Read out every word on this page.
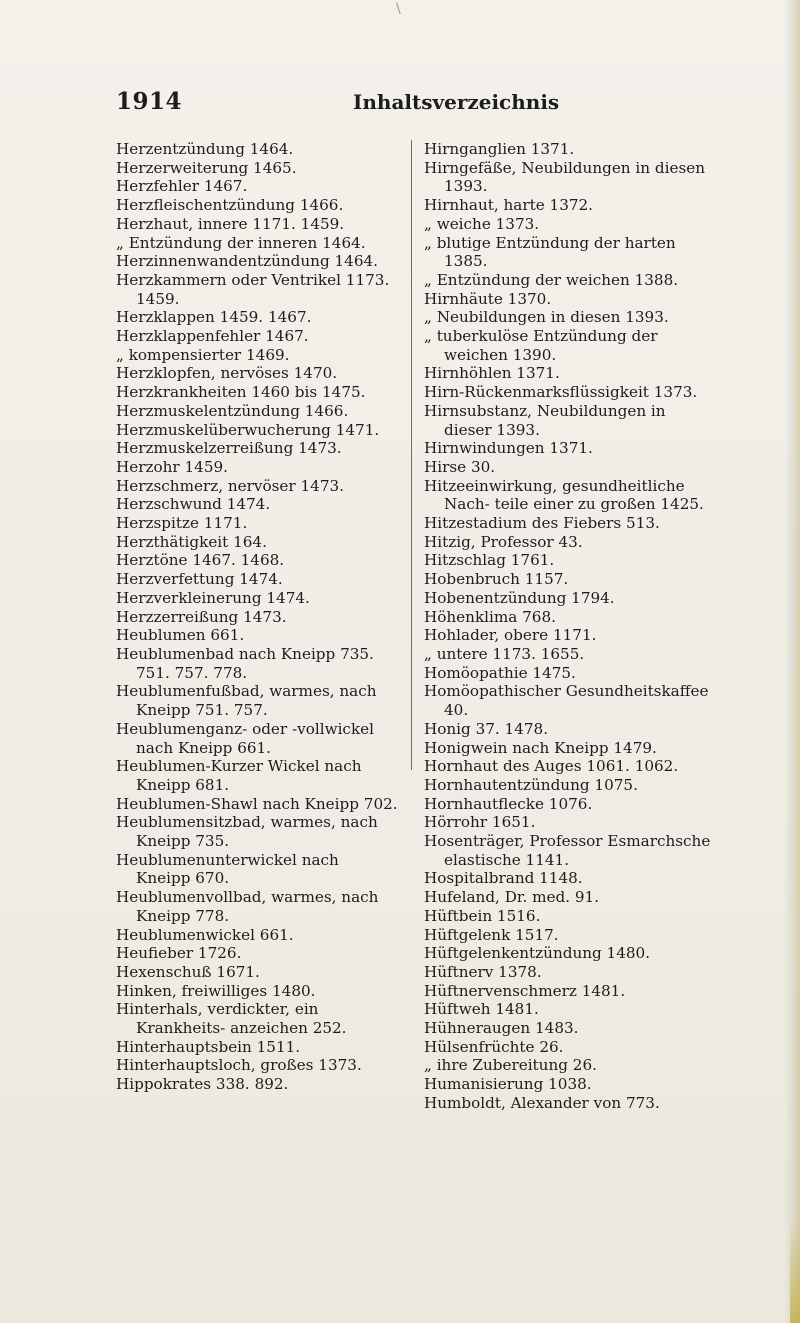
\
1914	Inhaltsverzeichnis
Herzentzündung 1464.
Herzerweiterung 1465.
Herzfehler 1467.
Herzfleischentzündung 1466.
Herzhaut, innere 1171. 1459.
„ Entzündung der inneren 1464.
Herzinnenwandentzündung 1464.
Herzkammern oder Ventrikel 1173. 1459.
Herzklappen 1459. 1467.
Herzklappenfehler 1467.
„ kompensierter 1469.
Herzklopfen, nervöses 1470.
Herzkrankheiten 1460 bis 1475.
Herzmuskelentzündung 1466.
Herzmuskelüberwucherung 1471.
Herzmuskelzerreißung 1473.
Herzohr 1459.
Herzschmerz, nervöser 1473.
Herzschwund 1474.
Herzspitze 1171.
Herzthätigkeit 164.
Herztöne 1467. 1468.
Herzverfettung 1474.
Herzverkleinerung 1474.
Herzzerreißung 1473.
Heublumen 661.
Heublumenbad nach Kneipp 735. 751. 757. 778.
Heublumenfußbad, warmes, nach Kneipp 751. 757.
Heublumenganz- oder -vollwickel nach Kneipp 661.
Heublumen-Kurzer Wickel nach Kneipp 681.
Heublumen-Shawl nach Kneipp 702.
Heublumensitzbad, warmes, nach Kneipp 735.
Heublumenunterwickel nach Kneipp 670.
Heublumenvollbad, warmes, nach Kneipp 778.
Heublumenwickel 661.
Heufieber 1726.
Hexenschuß 1671.
Hinken, freiwilliges 1480.
Hinterhals, verdickter, ein Krankheits- anzeichen 252.
Hinterhauptsbein 1511.
Hinterhauptsloch, großes 1373.
Hippokrates 338. 892.
Hirnganglien 1371.
Hirngefäße, Neubildungen in diesen 1393.
Hirnhaut, harte 1372.
„ weiche 1373.
„ blutige Entzündung der harten 1385.
„ Entzündung der weichen 1388.
Hirnhäute 1370.
„ Neubildungen in diesen 1393.
„ tuberkulöse Entzündung der weichen 1390.
Hirnhöhlen 1371.
Hirn-Rückenmarksflüssigkeit 1373.
Hirnsubstanz, Neubildungen in dieser 1393.
Hirnwindungen 1371.
Hirse 30.
Hitzeeinwirkung, gesundheitliche Nach- teile einer zu großen 1425.
Hitzestadium des Fiebers 513.
Hitzig, Professor 43.
Hitzschlag 1761.
Hobenbruch 1157.
Hobenentzündung 1794.
Höhenklima 768.
Hohlader, obere 1171.
„ untere 1173. 1655.
Homöopathie 1475.
Homöopathischer Gesundheitskaffee 40.
Honig 37. 1478.
Honigwein nach Kneipp 1479.
Hornhaut des Auges 1061. 1062.
Hornhautentzündung 1075.
Hornhautflecke 1076.
Hörrohr 1651.
Hosenträger, Professor Esmarchsche elastische 1141.
Hospitalbrand 1148.
Hufeland, Dr. med. 91.
Hüftbein 1516.
Hüftgelenk 1517.
Hüftgelenkentzündung 1480.
Hüftnerv 1378.
Hüftnervenschmerz 1481.
Hüftweh 1481.
Hühneraugen 1483.
Hülsenfrüchte 26.
„ ihre Zubereitung 26.
Humanisierung 1038.
Humboldt, Alexander von 773.
